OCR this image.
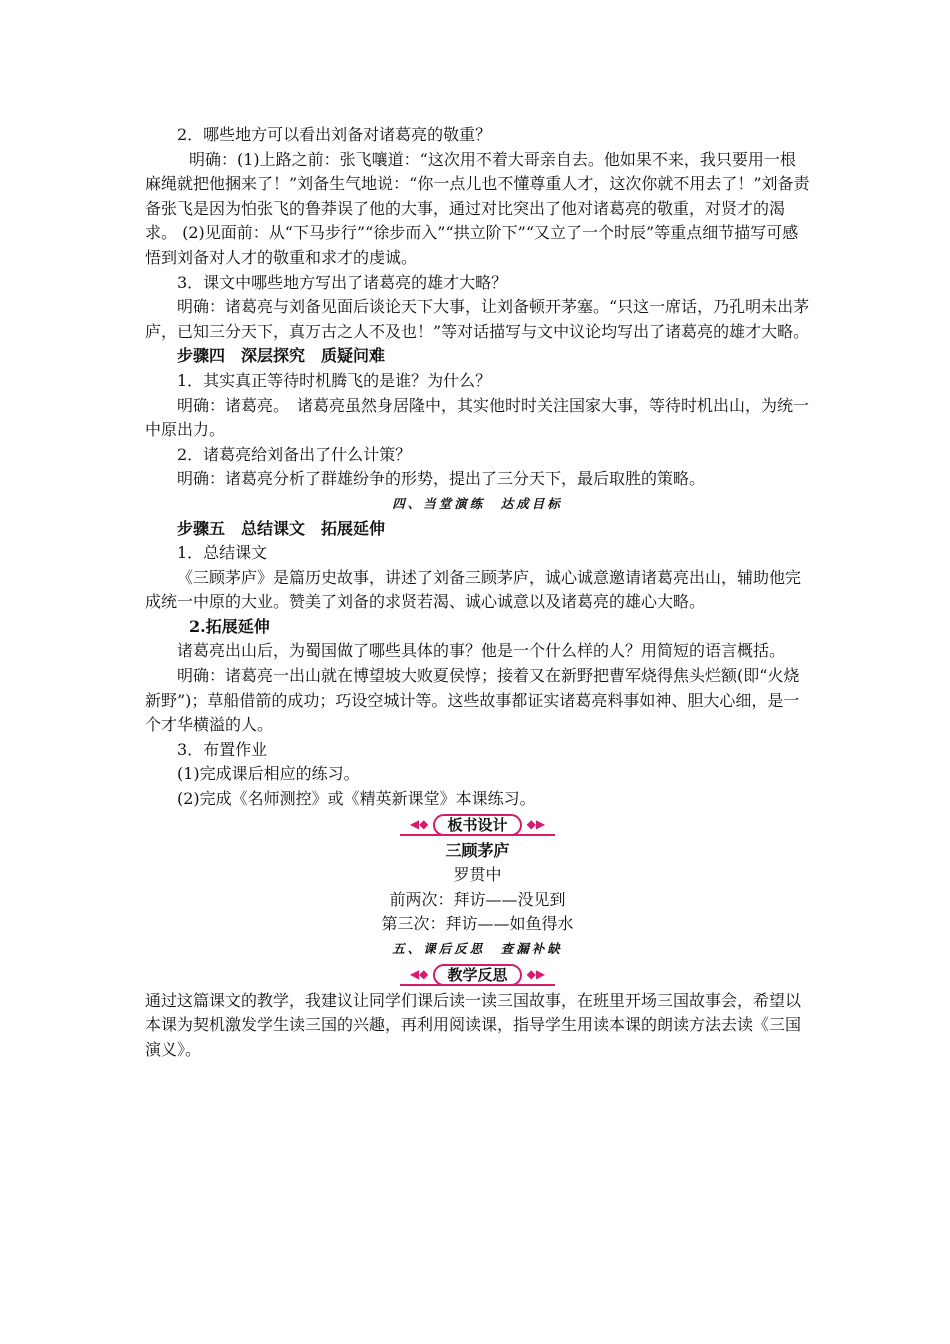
2．哪些地方可以看出刘备对诸葛亮的敬重？

明确：(1)上路之前：张飞嚷道：“这次用不着大哥亲自去。他如果不来，我只要用一根麻绳就把他捆来了！”刘备生气地说：“你一点儿也不懂尊重人才，这次你就不用去了！”刘备责备张飞是因为怕张飞的鲁莽误了他的大事，通过对比突出了他对诸葛亮的敬重，对贤才的渴求。 (2)见面前：从“下马步行”“徐步而入”“拱立阶下”“又立了一个时辰”等重点细节描写可感悟到刘备对人才的敬重和求才的虔诚。

3．课文中哪些地方写出了诸葛亮的雄才大略？

明确：诸葛亮与刘备见面后谈论天下大事，让刘备顿开茅塞。“只这一席话，乃孔明未出茅庐，已知三分天下，真万古之人不及也！”等对话描写与文中议论均写出了诸葛亮的雄才大略。

步骤四　深层探究　质疑问难

1．其实真正等待时机腾飞的是谁？为什么？

明确：诸葛亮。　诸葛亮虽然身居隆中，其实他时时关注国家大事，等待时机出山，为统一中原出力。

2．诸葛亮给刘备出了什么计策？

明确：诸葛亮分析了群雄纷争的形势，提出了三分天下，最后取胜的策略。

四、当堂演练　达成目标

步骤五　总结课文　拓展延伸

1．总结课文

《三顾茅庐》是篇历史故事，讲述了刘备三顾茅庐，诚心诚意邀请诸葛亮出山，辅助他完成统一中原的大业。赞美了刘备的求贤若渴、诚心诚意以及诸葛亮的雄心大略。

2.拓展延伸

诸葛亮出山后，为蜀国做了哪些具体的事？他是一个什么样的人？用简短的语言概括。

明确：诸葛亮一出山就在博望坡大败夏侯惇；接着又在新野把曹军烧得焦头烂额(即“火烧新野”)；草船借箭的成功；巧设空城计等。这些故事都证实诸葛亮料事如神、胆大心细，是一个才华横溢的人。

3．布置作业

(1)完成课后相应的练习。

(2)完成《名师测控》或《精英新课堂》本课练习。

◀◆ 板书设计 ◆▶

三顾茅庐

罗贯中

前两次：拜访——没见到

第三次：拜访——如鱼得水

五、课后反思　查漏补缺

◀◆ 教学反思 ◆▶

通过这篇课文的教学，我建议让同学们课后读一读三国故事，在班里开场三国故事会，希望以本课为契机激发学生读三国的兴趣，再利用阅读课，指导学生用读本课的朗读方法去读《三国演义》。
